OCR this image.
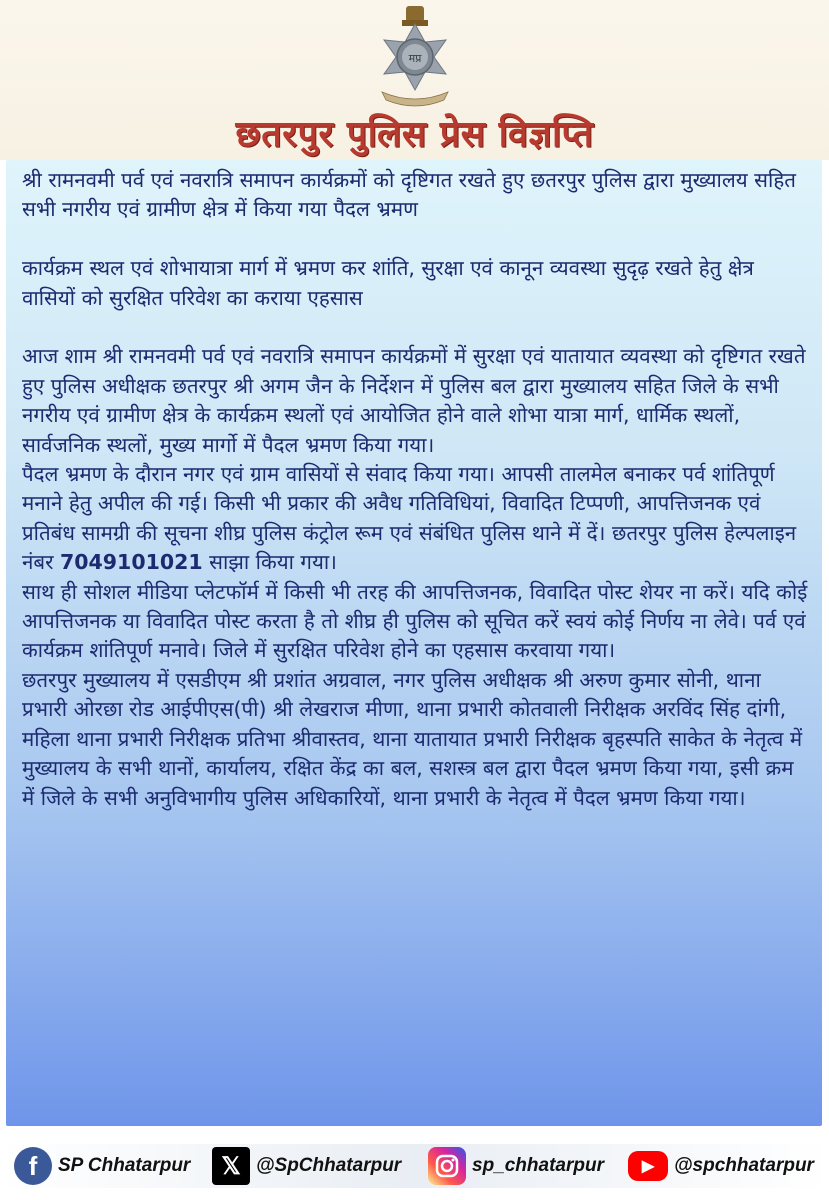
मप्र
छतरपुर पुलिस प्रेस विज्ञप्ति

श्री रामनवमी पर्व एवं नवरात्रि समापन कार्यक्रमों को दृष्टिगत रखते हुए छतरपुर पुलिस द्वारा मुख्यालय सहित सभी नगरीय एवं ग्रामीण क्षेत्र में किया गया पैदल भ्रमण

कार्यक्रम स्थल एवं शोभायात्रा मार्ग में भ्रमण कर शांति, सुरक्षा एवं कानून व्यवस्था सुदृढ़ रखते हेतु क्षेत्र वासियों को सुरक्षित परिवेश का कराया एहसास

आज शाम श्री रामनवमी पर्व एवं नवरात्रि समापन कार्यक्रमों में सुरक्षा एवं यातायात व्यवस्था को दृष्टिगत रखते हुए पुलिस अधीक्षक छतरपुर श्री अगम जैन के निर्देशन में पुलिस बल द्वारा मुख्यालय सहित जिले के सभी नगरीय एवं ग्रामीण क्षेत्र के कार्यक्रम स्थलों एवं आयोजित होने वाले शोभा यात्रा मार्ग, धार्मिक स्थलों, सार्वजनिक स्थलों, मुख्य मार्गो में पैदल भ्रमण किया गया।

पैदल भ्रमण के दौरान नगर एवं ग्राम वासियों से संवाद किया गया। आपसी तालमेल बनाकर पर्व शांतिपूर्ण मनाने हेतु अपील की गई। किसी भी प्रकार की अवैध गतिविधियां, विवादित टिप्पणी, आपत्तिजनक एवं प्रतिबंध सामग्री की सूचना शीघ्र पुलिस कंट्रोल रूम एवं संबंधित पुलिस थाने में दें। छतरपुर पुलिस हेल्पलाइन नंबर 7049101021 साझा किया गया।

साथ ही सोशल मीडिया प्लेटफॉर्म में किसी भी तरह की आपत्तिजनक, विवादित पोस्ट शेयर ना करें। यदि कोई आपत्तिजनक या विवादित पोस्ट करता है तो शीघ्र ही पुलिस को सूचित करें स्वयं कोई निर्णय ना लेवे। पर्व एवं कार्यक्रम शांतिपूर्ण मनावे। जिले में सुरक्षित परिवेश होने का एहसास करवाया गया।

छतरपुर मुख्यालय में एसडीएम श्री प्रशांत अग्रवाल, नगर पुलिस अधीक्षक श्री अरुण कुमार सोनी, थाना प्रभारी ओरछा रोड आईपीएस(पी) श्री लेखराज मीणा, थाना प्रभारी कोतवाली निरीक्षक अरविंद सिंह दांगी, महिला थाना प्रभारी निरीक्षक प्रतिभा श्रीवास्तव, थाना यातायात प्रभारी निरीक्षक बृहस्पति साकेत के नेतृत्व में मुख्यालय के सभी थानों, कार्यालय, रक्षित केंद्र का बल, सशस्त्र बल द्वारा पैदल भ्रमण किया गया, इसी क्रम में जिले के सभी अनुविभागीय पुलिस अधिकारियों, थाना प्रभारी के नेतृत्व में पैदल भ्रमण किया गया।

f	SP Chhatarpur	𝕏 @SpChhatarpur	sp_chhatarpur	▶	@spchhatarpur
